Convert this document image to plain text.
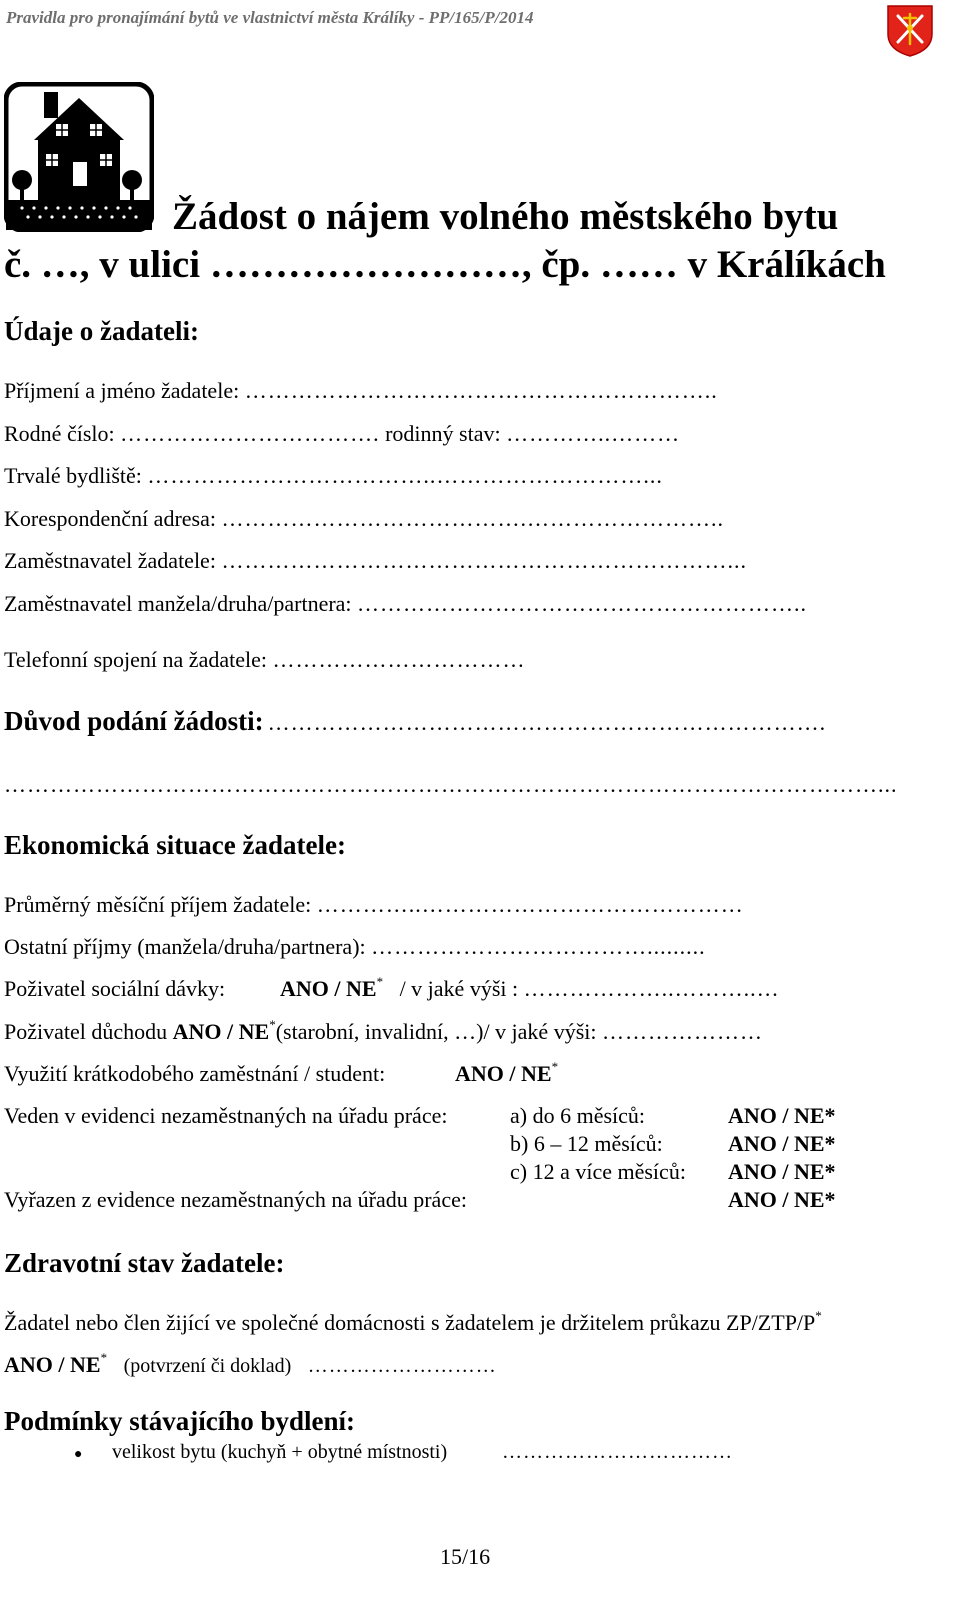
Pravidla pro pronajímání bytů ve vlastnictví města Králíky - PP/165/P/2014
Žádost o nájem volného městského bytu
č. …, v ulici ……………………, čp. …… v Králíkách
Údaje o žadateli:
Příjmení a jméno žadatele: ……………………………………………………..
Rodné číslo: ……………………………. rodinný stav: …………..………
Trvalé bydliště: ………………………………..………………………...
Korespondenční adresa: ………………………………….……………………..
Zaměstnavatel žadatele: …………………………………………………………...
Zaměstnavatel manžela/druha/partnera: …………………………………………………..
Telefonní spojení na žadatele: ……………………………
Důvod podání žádosti: ……………………………………………………………….
……………………………………………………………………………………………………...
Ekonomická situace žadatele:
Průměrný měsíční příjem žadatele: …………..……………………………………
Ostatní příjmy (manžela/druha/partnera): ……………………………….........
Poživatel sociální dávky: ANO / NE* / v jaké výši : ………………..………..…
Poživatel důchodu ANO / NE*(starobní, invalidní, …)/ v jaké výši: …………………
Využití krátkodobého zaměstnání / student:	ANO / NE*
Veden v evidenci nezaměstnaných na úřadu práce:	a) do 6 měsíců:	ANO / NE*
b) 6 – 12 měsíců:	ANO / NE*
c) 12 a více měsíců: ANO / NE*
Vyřazen z evidence nezaměstnaných na úřadu práce:	ANO / NE*
Zdravotní stav žadatele:
Žadatel nebo člen žijící ve společné domácnosti s žadatelem je držitelem průkazu ZP/ZTP/P*
ANO / NE* (potvrzení či doklad) ………………………
Podmínky stávajícího bydlení:
● velikost bytu (kuchyň + obytné místnosti)	……………………………
15/16
